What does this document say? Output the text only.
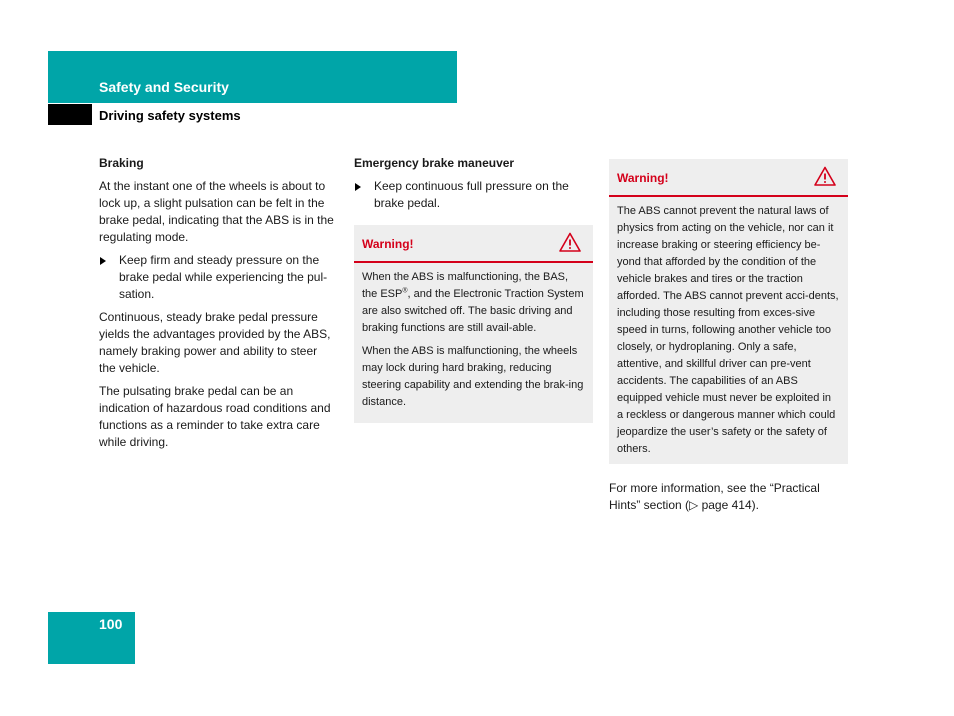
Safety and Security
Driving safety systems
Braking

At the instant one of the wheels is about to lock up, a slight pulsation can be felt in the brake pedal, indicating that the ABS is in the regulating mode.

Keep firm and steady pressure on the brake pedal while experiencing the pul-sation.

Continuous, steady brake pedal pressure yields the advantages provided by the ABS, namely braking power and ability to steer the vehicle.

The pulsating brake pedal can be an indication of hazardous road conditions and functions as a reminder to take extra care while driving.

Emergency brake maneuver
Keep continuous full pressure on the brake pedal.
Warning!

When the ABS is malfunctioning, the BAS, the ESP®, and the Electronic Traction System are also switched off. The basic driving and braking functions are still avail-able.

When the ABS is malfunctioning, the wheels may lock during hard braking, reducing steering capability and extending the brak-ing distance.

Warning!

The ABS cannot prevent the natural laws of physics from acting on the vehicle, nor can it increase braking or steering efficiency be-yond that afforded by the condition of the vehicle brakes and tires or the traction afforded. The ABS cannot prevent acci-dents, including those resulting from exces-sive speed in turns, following another vehicle too closely, or hydroplaning. Only a safe, attentive, and skillful driver can pre-vent accidents. The capabilities of an ABS equipped vehicle must never be exploited in a reckless or dangerous manner which could jeopardize the user’s safety or the safety of others.

For more information, see the “Practical Hints” section (▷ page 414).

100
